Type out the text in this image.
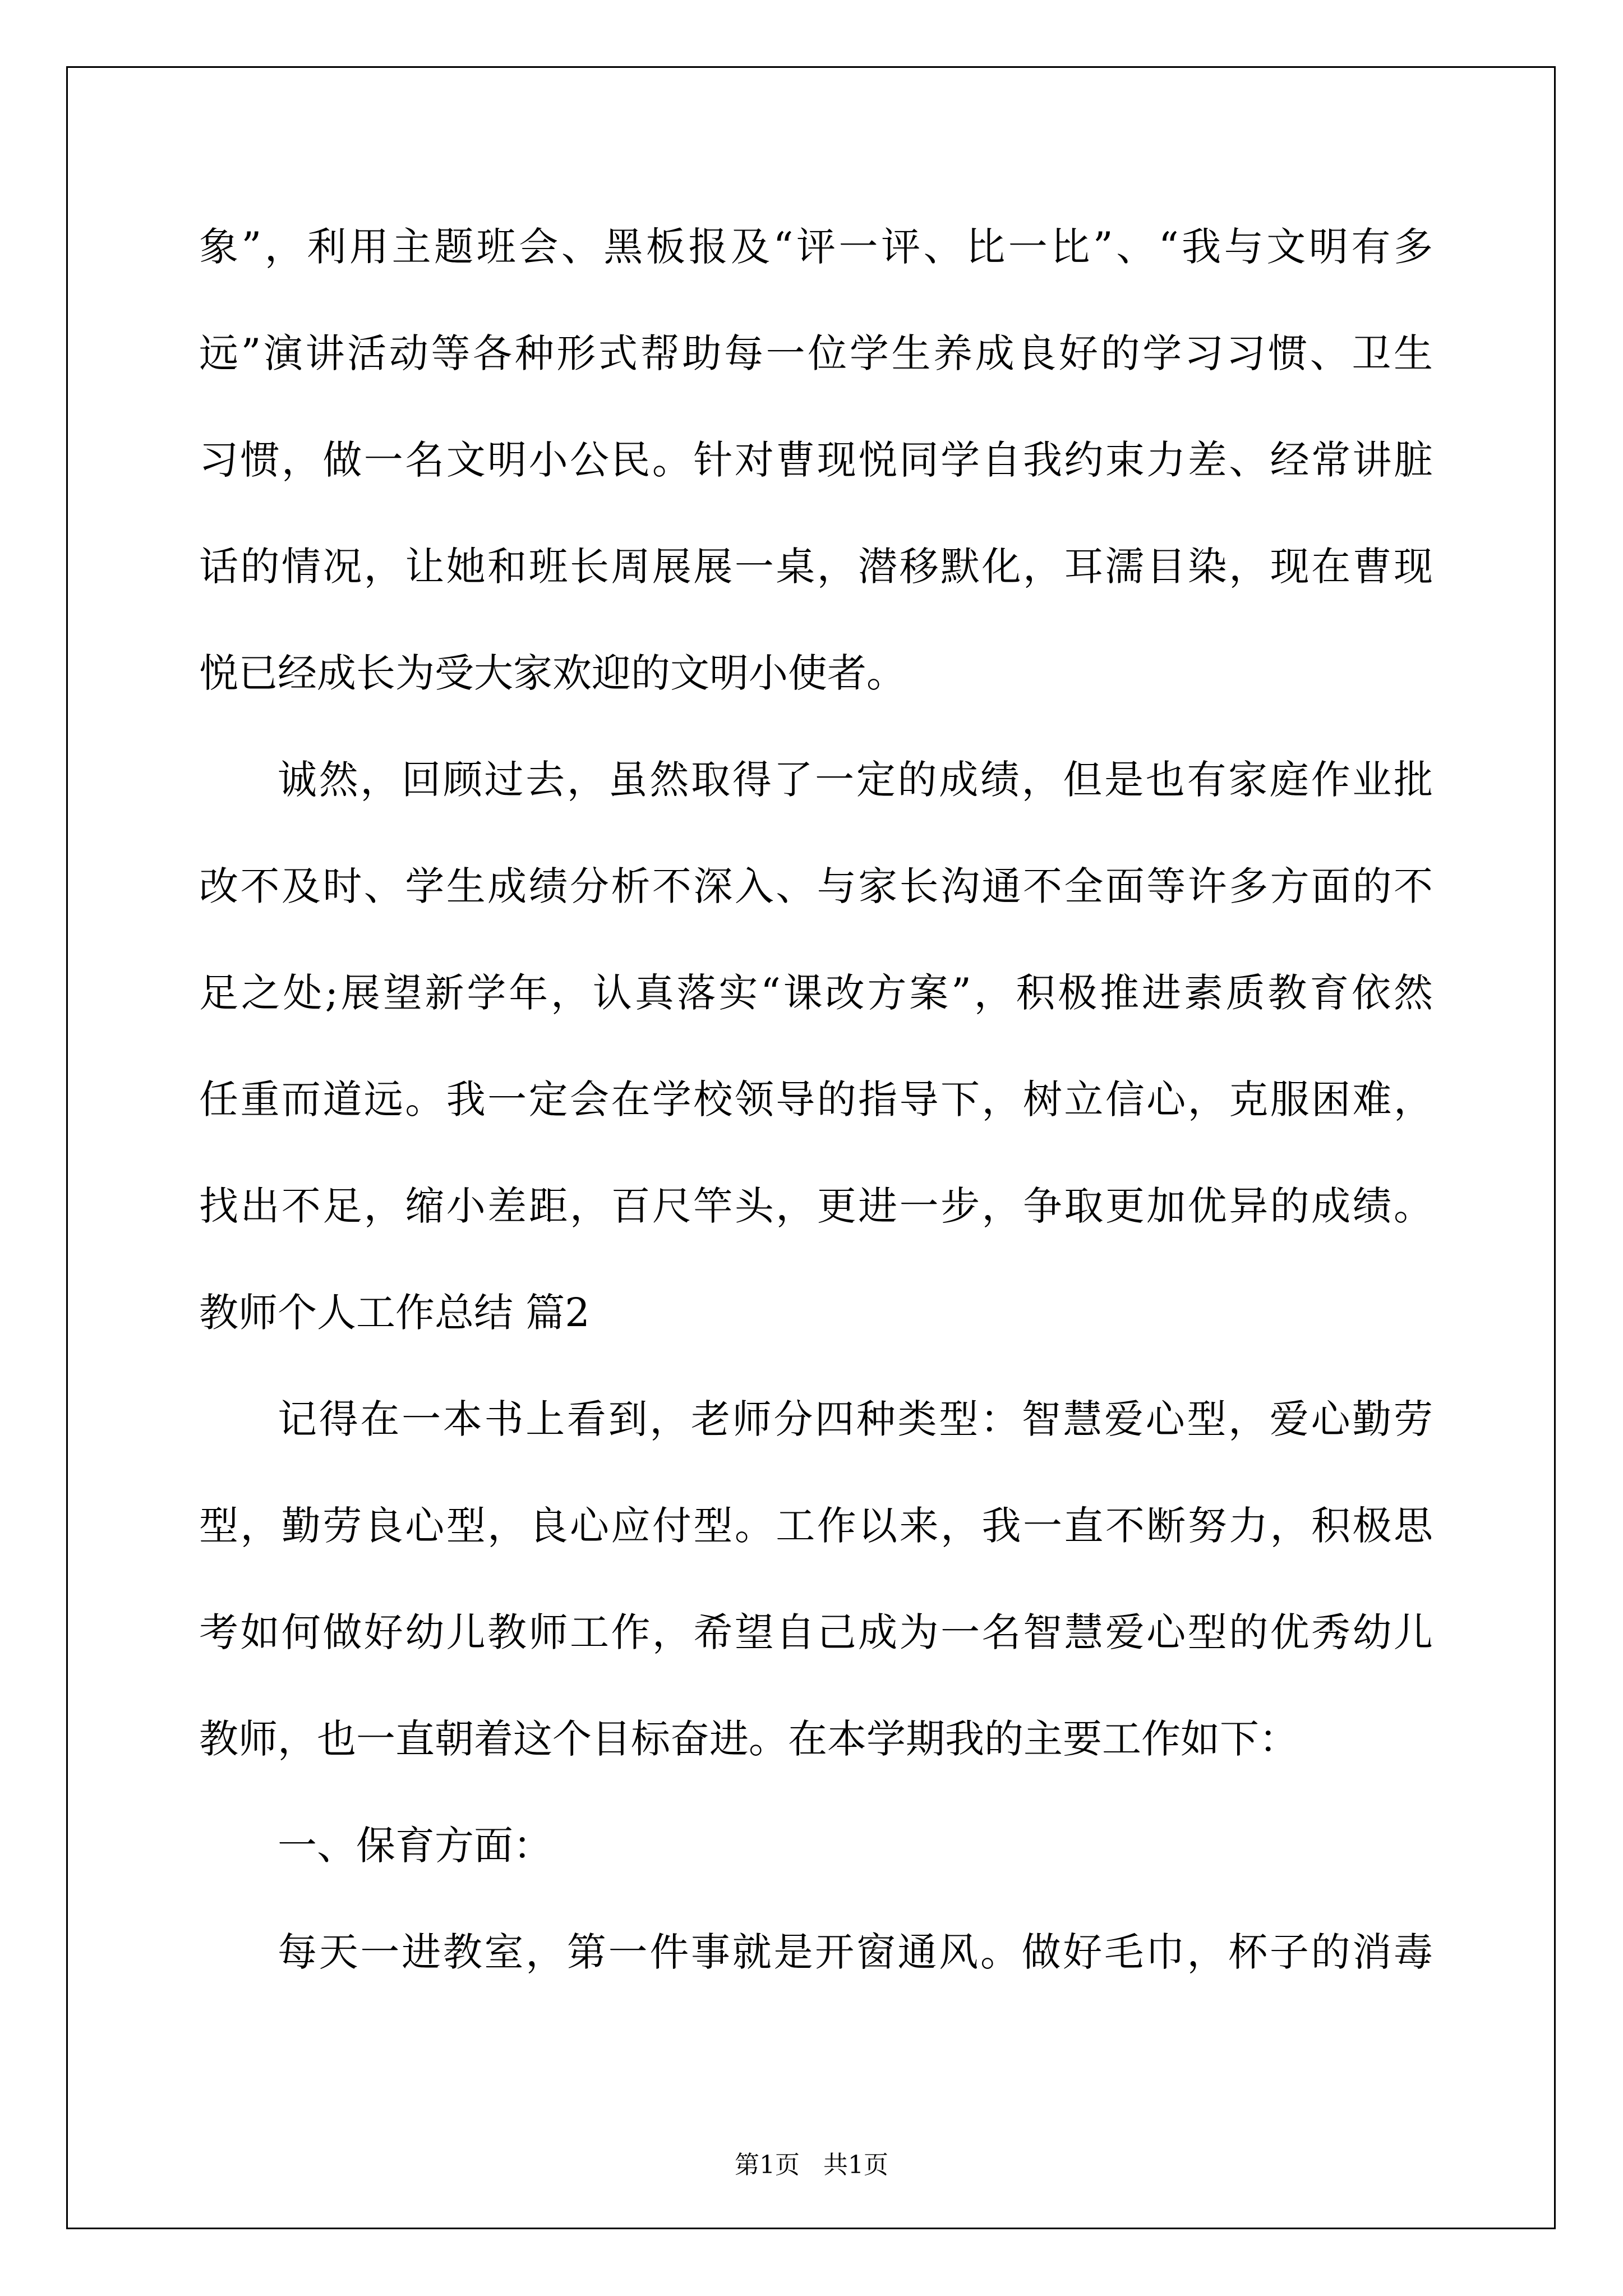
象”，利用主题班会、黑板报及“评一评、比一比”、“我与文明有多

远”演讲活动等各种形式帮助每一位学生养成良好的学习习惯、卫生

习惯，做一名文明小公民。针对曹现悦同学自我约束力差、经常讲脏

话的情况，让她和班长周展展一桌，潜移默化，耳濡目染，现在曹现

悦已经成长为受大家欢迎的文明小使者。

诚然，回顾过去，虽然取得了一定的成绩，但是也有家庭作业批

改不及时、学生成绩分析不深入、与家长沟通不全面等许多方面的不

足之处;展望新学年，认真落实“课改方案”，积极推进素质教育依然

任重而道远。我一定会在学校领导的指导下，树立信心，克服困难，

找出不足，缩小差距，百尺竿头，更进一步，争取更加优异的成绩。

教师个人工作总结 篇2

记得在一本书上看到，老师分四种类型：智慧爱心型，爱心勤劳

型，勤劳良心型，良心应付型。工作以来，我一直不断努力，积极思

考如何做好幼儿教师工作，希望自己成为一名智慧爱心型的优秀幼儿

教师，也一直朝着这个目标奋进。在本学期我的主要工作如下：

一、保育方面：

每天一进教室，第一件事就是开窗通风。做好毛巾，杯子的消毒

第1页   共1页
